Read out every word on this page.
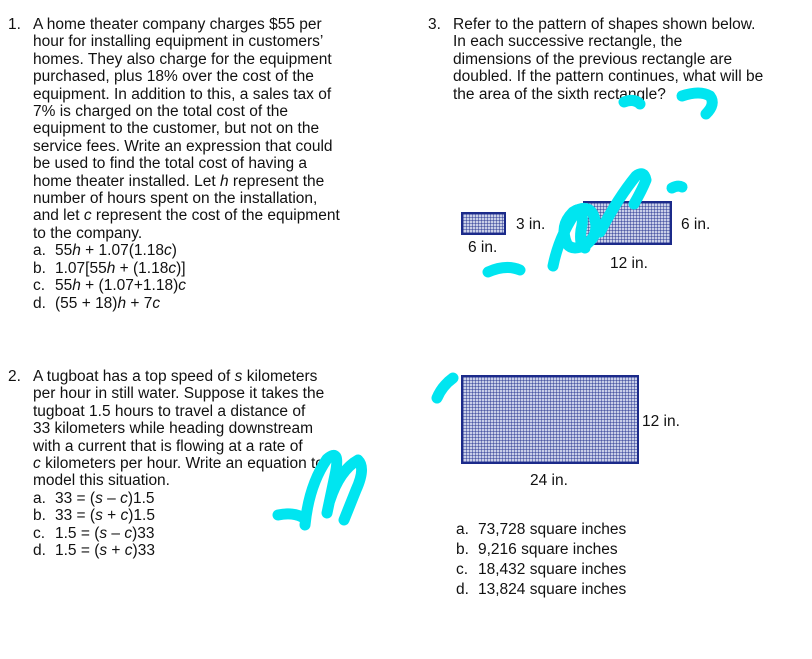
1. A home theater company charges $55 per
hour for installing equipment in customers’
homes. They also charge for the equipment
purchased, plus 18% over the cost of the
equipment. In addition to this, a sales tax of
7% is charged on the total cost of the
equipment to the customer, but not on the
service fees. Write an expression that could
be used to find the total cost of having a
home theater installed. Let h represent the
number of hours spent on the installation,
and let c represent the cost of the equipment
to the company.
a. 55h + 1.07(1.18c)
b. 1.07[55h + (1.18c)]
c. 55h + (1.07+1.18)c
d. (55 + 18)h + 7c
2. A tugboat has a top speed of s kilometers
per hour in still water. Suppose it takes the
tugboat 1.5 hours to travel a distance of
33 kilometers while heading downstream
with a current that is flowing at a rate of
c kilometers per hour. Write an equation to
model this situation.
a. 33 = (s – c)1.5
b. 33 = (s + c)1.5
c. 1.5 = (s – c)33
d. 1.5 = (s + c)33
3. Refer to the pattern of shapes shown below.
In each successive rectangle, the
dimensions of the previous rectangle are
doubled. If the pattern continues, what will be
the area of the sixth rectangle?
3 in.
6 in.
6 in.
12 in.
12 in.
24 in.
a. 73,728 square inches
b. 9,216 square inches
c. 18,432 square inches
d. 13,824 square inches
